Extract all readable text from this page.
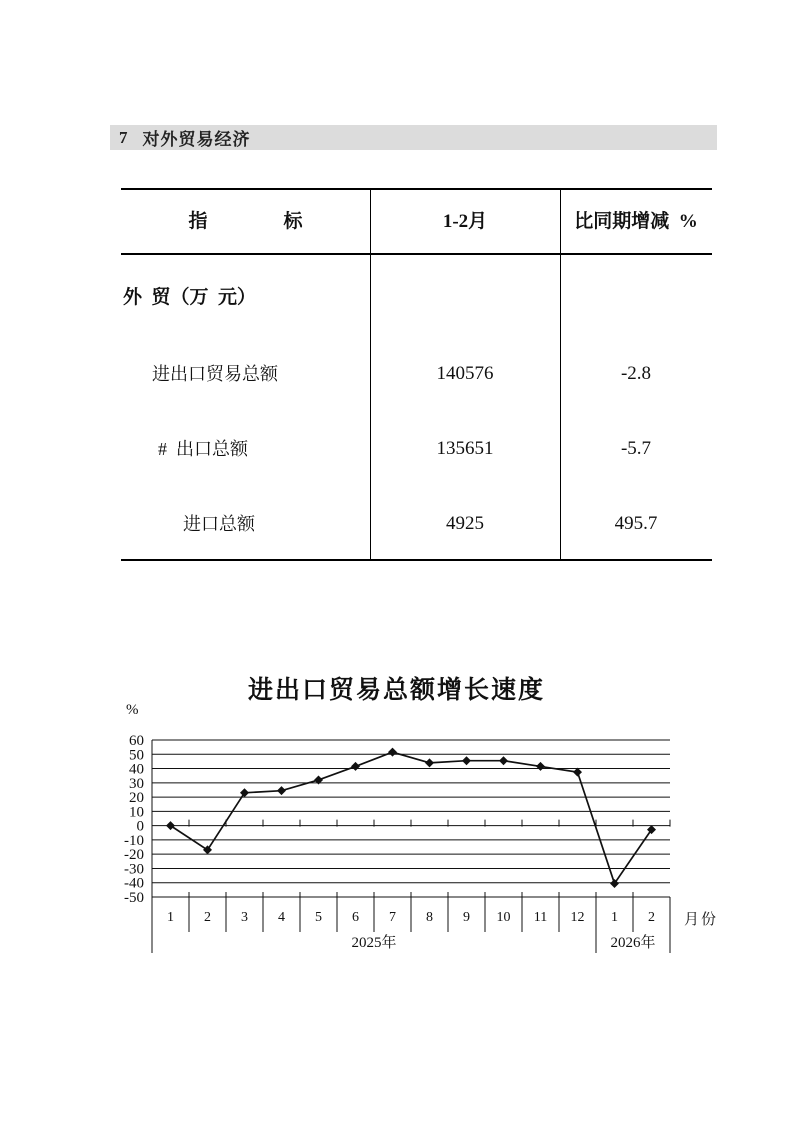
7 对外贸易经济
指                标	1-2月	比同期增减  %
外  贸（万  元）
进出口贸易总额	140576	-2.8
#  出口总额	135651	-5.7
进口总额	4925	495.7
进出口贸易总额增长速度
%
月份
60
50
40
30
20
10
0
-10
-20
-30
-40
-50
1 2 3 4 5 6 7 8 9 10 11 12 1 2
2025年	2026年
